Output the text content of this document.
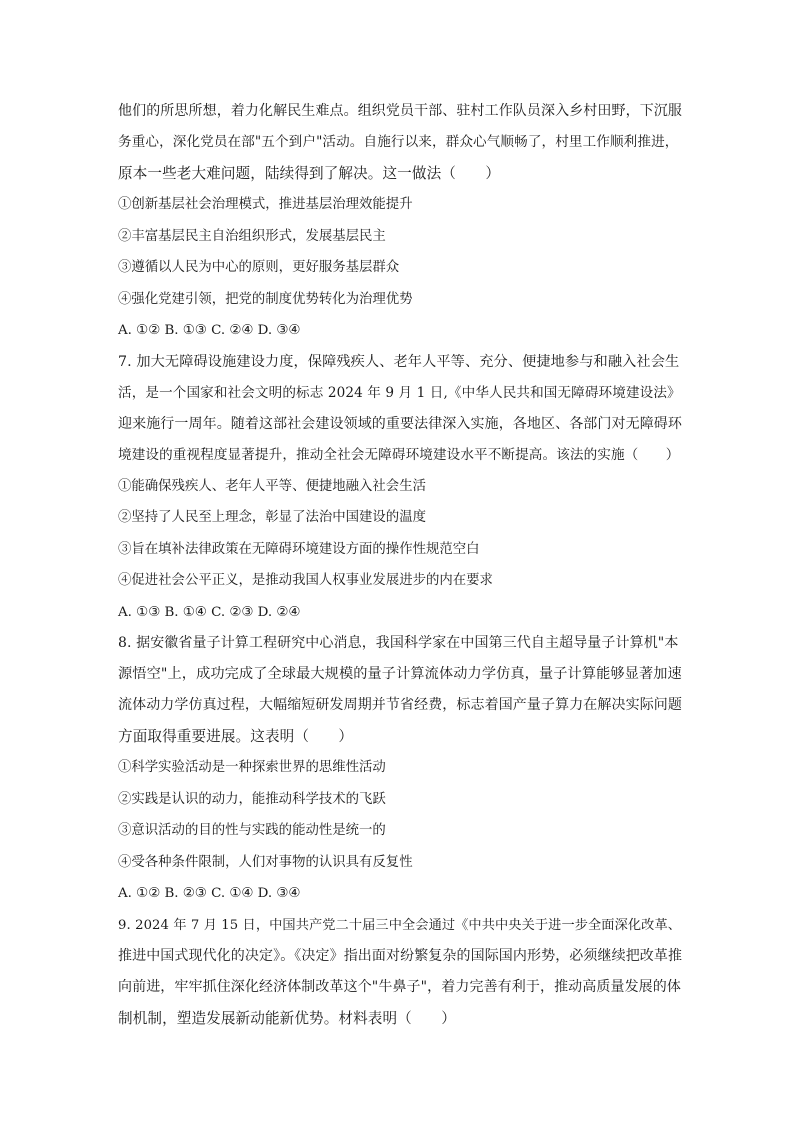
他们的所思所想，着力化解民生难点。组织党员干部、驻村工作队员深入乡村田野，下沉服
务重心，深化党员在部"五个到户"活动。自施行以来，群众心气顺畅了，村里工作顺利推进，
原本一些老大难问题，陆续得到了解决。这一做法（　　）

①创新基层社会治理模式，推进基层治理效能提升
②丰富基层民主自治组织形式，发展基层民主
③遵循以人民为中心的原则，更好服务基层群众
④强化党建引领，把党的制度优势转化为治理优势
A. ①② B. ①③ C. ②④ D. ③④

7. 加大无障碍设施建设力度，保障残疾人、老年人平等、充分、便捷地参与和融入社会生
活，是一个国家和社会文明的标志 2024 年 9 月 1 日,《中华人民共和国无障碍环境建设法》
迎来施行一周年。随着这部社会建设领域的重要法律深入实施，各地区、各部门对无障碍环
境建设的重视程度显著提升，推动全社会无障碍环境建设水平不断提高。该法的实施（　　）

①能确保残疾人、老年人平等、便捷地融入社会生活
②坚持了人民至上理念，彰显了法治中国建设的温度
③旨在填补法律政策在无障碍环境建设方面的操作性规范空白
④促进社会公平正义，是推动我国人权事业发展进步的内在要求
A. ①③ B. ①④ C. ②③ D. ②④

8. 据安徽省量子计算工程研究中心消息，我国科学家在中国第三代自主超导量子计算机"本
源悟空"上，成功完成了全球最大规模的量子计算流体动力学仿真，量子计算能够显著加速
流体动力学仿真过程，大幅缩短研发周期并节省经费，标志着国产量子算力在解决实际问题
方面取得重要进展。这表明（　　）

①科学实验活动是一种探索世界的思维性活动
②实践是认识的动力，能推动科学技术的飞跃
③意识活动的目的性与实践的能动性是统一的
④受各种条件限制，人们对事物的认识具有反复性
A. ①② B. ②③ C. ①④ D. ③④

9. 2024 年 7 月 15 日，中国共产党二十届三中全会通过《中共中央关于进一步全面深化改革、
推进中国式现代化的决定》。《决定》指出面对纷繁复杂的国际国内形势，必须继续把改革推
向前进，牢牢抓住深化经济体制改革这个"牛鼻子"，着力完善有利于，推动高质量发展的体
制机制，塑造发展新动能新优势。材料表明（　　）
